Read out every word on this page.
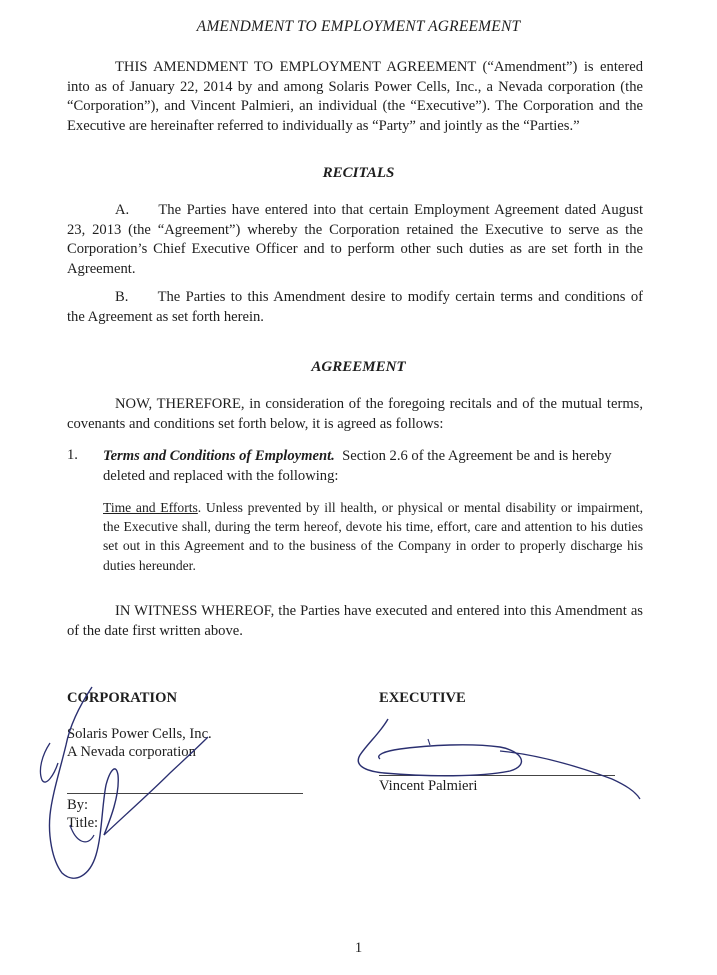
AMENDMENT TO EMPLOYMENT AGREEMENT
THIS AMENDMENT TO EMPLOYMENT AGREEMENT (“Amendment”) is entered into as of January 22, 2014 by and among Solaris Power Cells, Inc., a Nevada corporation (the “Corporation”), and Vincent Palmieri, an individual (the “Executive”). The Corporation and the Executive are hereinafter referred to individually as “Party” and jointly as the “Parties.”
RECITALS
A.  The Parties have entered into that certain Employment Agreement dated August 23, 2013 (the “Agreement”) whereby the Corporation retained the Executive to serve as the Corporation’s Chief Executive Officer and to perform other such duties as are set forth in the Agreement.
B.  The Parties to this Amendment desire to modify certain terms and conditions of the Agreement as set forth herein.
AGREEMENT
NOW, THEREFORE, in consideration of the foregoing recitals and of the mutual terms, covenants and conditions set forth below, it is agreed as follows:
1. Terms and Conditions of Employment. Section 2.6 of the Agreement be and is hereby deleted and replaced with the following:
Time and Efforts. Unless prevented by ill health, or physical or mental disability or impairment, the Executive shall, during the term hereof, devote his time, effort, care and attention to his duties set out in this Agreement and to the business of the Company in order to properly discharge his duties hereunder.
IN WITNESS WHEREOF, the Parties have executed and entered into this Amendment as of the date first written above.
CORPORATION
Solaris Power Cells, Inc.
A Nevada corporation
By:
Title:
EXECUTIVE
Vincent Palmieri
1
